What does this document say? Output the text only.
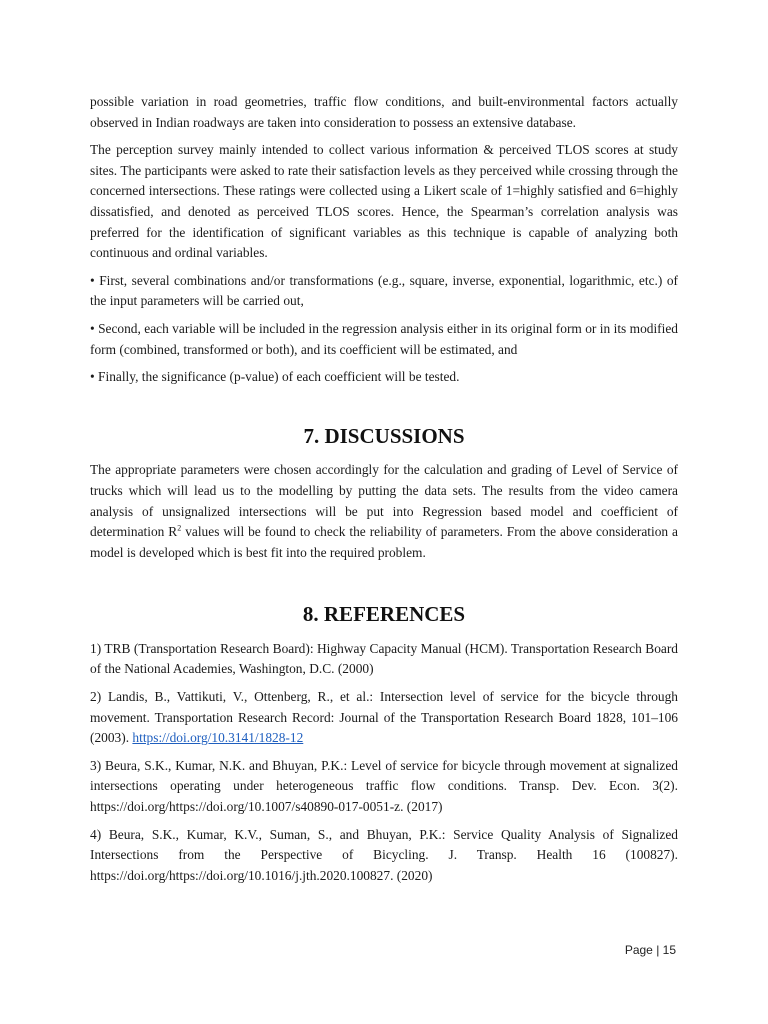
possible variation in road geometries, traffic flow conditions, and built-environmental factors actually observed in Indian roadways are taken into consideration to possess an extensive database.

The perception survey mainly intended to collect various information & perceived TLOS scores at study sites. The participants were asked to rate their satisfaction levels as they perceived while crossing through the concerned intersections. These ratings were collected using a Likert scale of 1=highly satisfied and 6=highly dissatisfied, and denoted as perceived TLOS scores. Hence, the Spearman’s correlation analysis was preferred for the identification of significant variables as this technique is capable of analyzing both continuous and ordinal variables.

• First, several combinations and/or transformations (e.g., square, inverse, exponential, logarithmic, etc.) of the input parameters will be carried out,

• Second, each variable will be included in the regression analysis either in its original form or in its modified form (combined, transformed or both), and its coefficient will be estimated, and

• Finally, the significance (p-value) of each coefficient will be tested.

7. DISCUSSIONS

The appropriate parameters were chosen accordingly for the calculation and grading of Level of Service of trucks which will lead us to the modelling by putting the data sets. The results from the video camera analysis of unsignalized intersections will be put into Regression based model and coefficient of determination $R^2$ values will be found to check the reliability of parameters. From the above consideration a model is developed which is best fit into the required problem.

8. REFERENCES

1) TRB (Transportation Research Board): Highway Capacity Manual (HCM). Transportation Research Board of the National Academies, Washington, D.C. (2000)

2) Landis, B., Vattikuti, V., Ottenberg, R., et al.: Intersection level of service for the bicycle through movement. Transportation Research Record: Journal of the Transportation Research Board 1828, 101–106 (2003). https://doi.org/10.3141/1828-12

3) Beura, S.K., Kumar, N.K. and Bhuyan, P.K.: Level of service for bicycle through movement at signalized intersections operating under heterogeneous traffic flow conditions. Transp. Dev. Econ. 3(2). https://doi.org/https://doi.org/10.1007/s40890-017-0051-z. (2017)

4) Beura, S.K., Kumar, K.V., Suman, S., and Bhuyan, P.K.: Service Quality Analysis of Signalized Intersections from the Perspective of Bicycling. J. Transp. Health 16 (100827). https://doi.org/https://doi.org/10.1016/j.jth.2020.100827. (2020)

Page | 15
